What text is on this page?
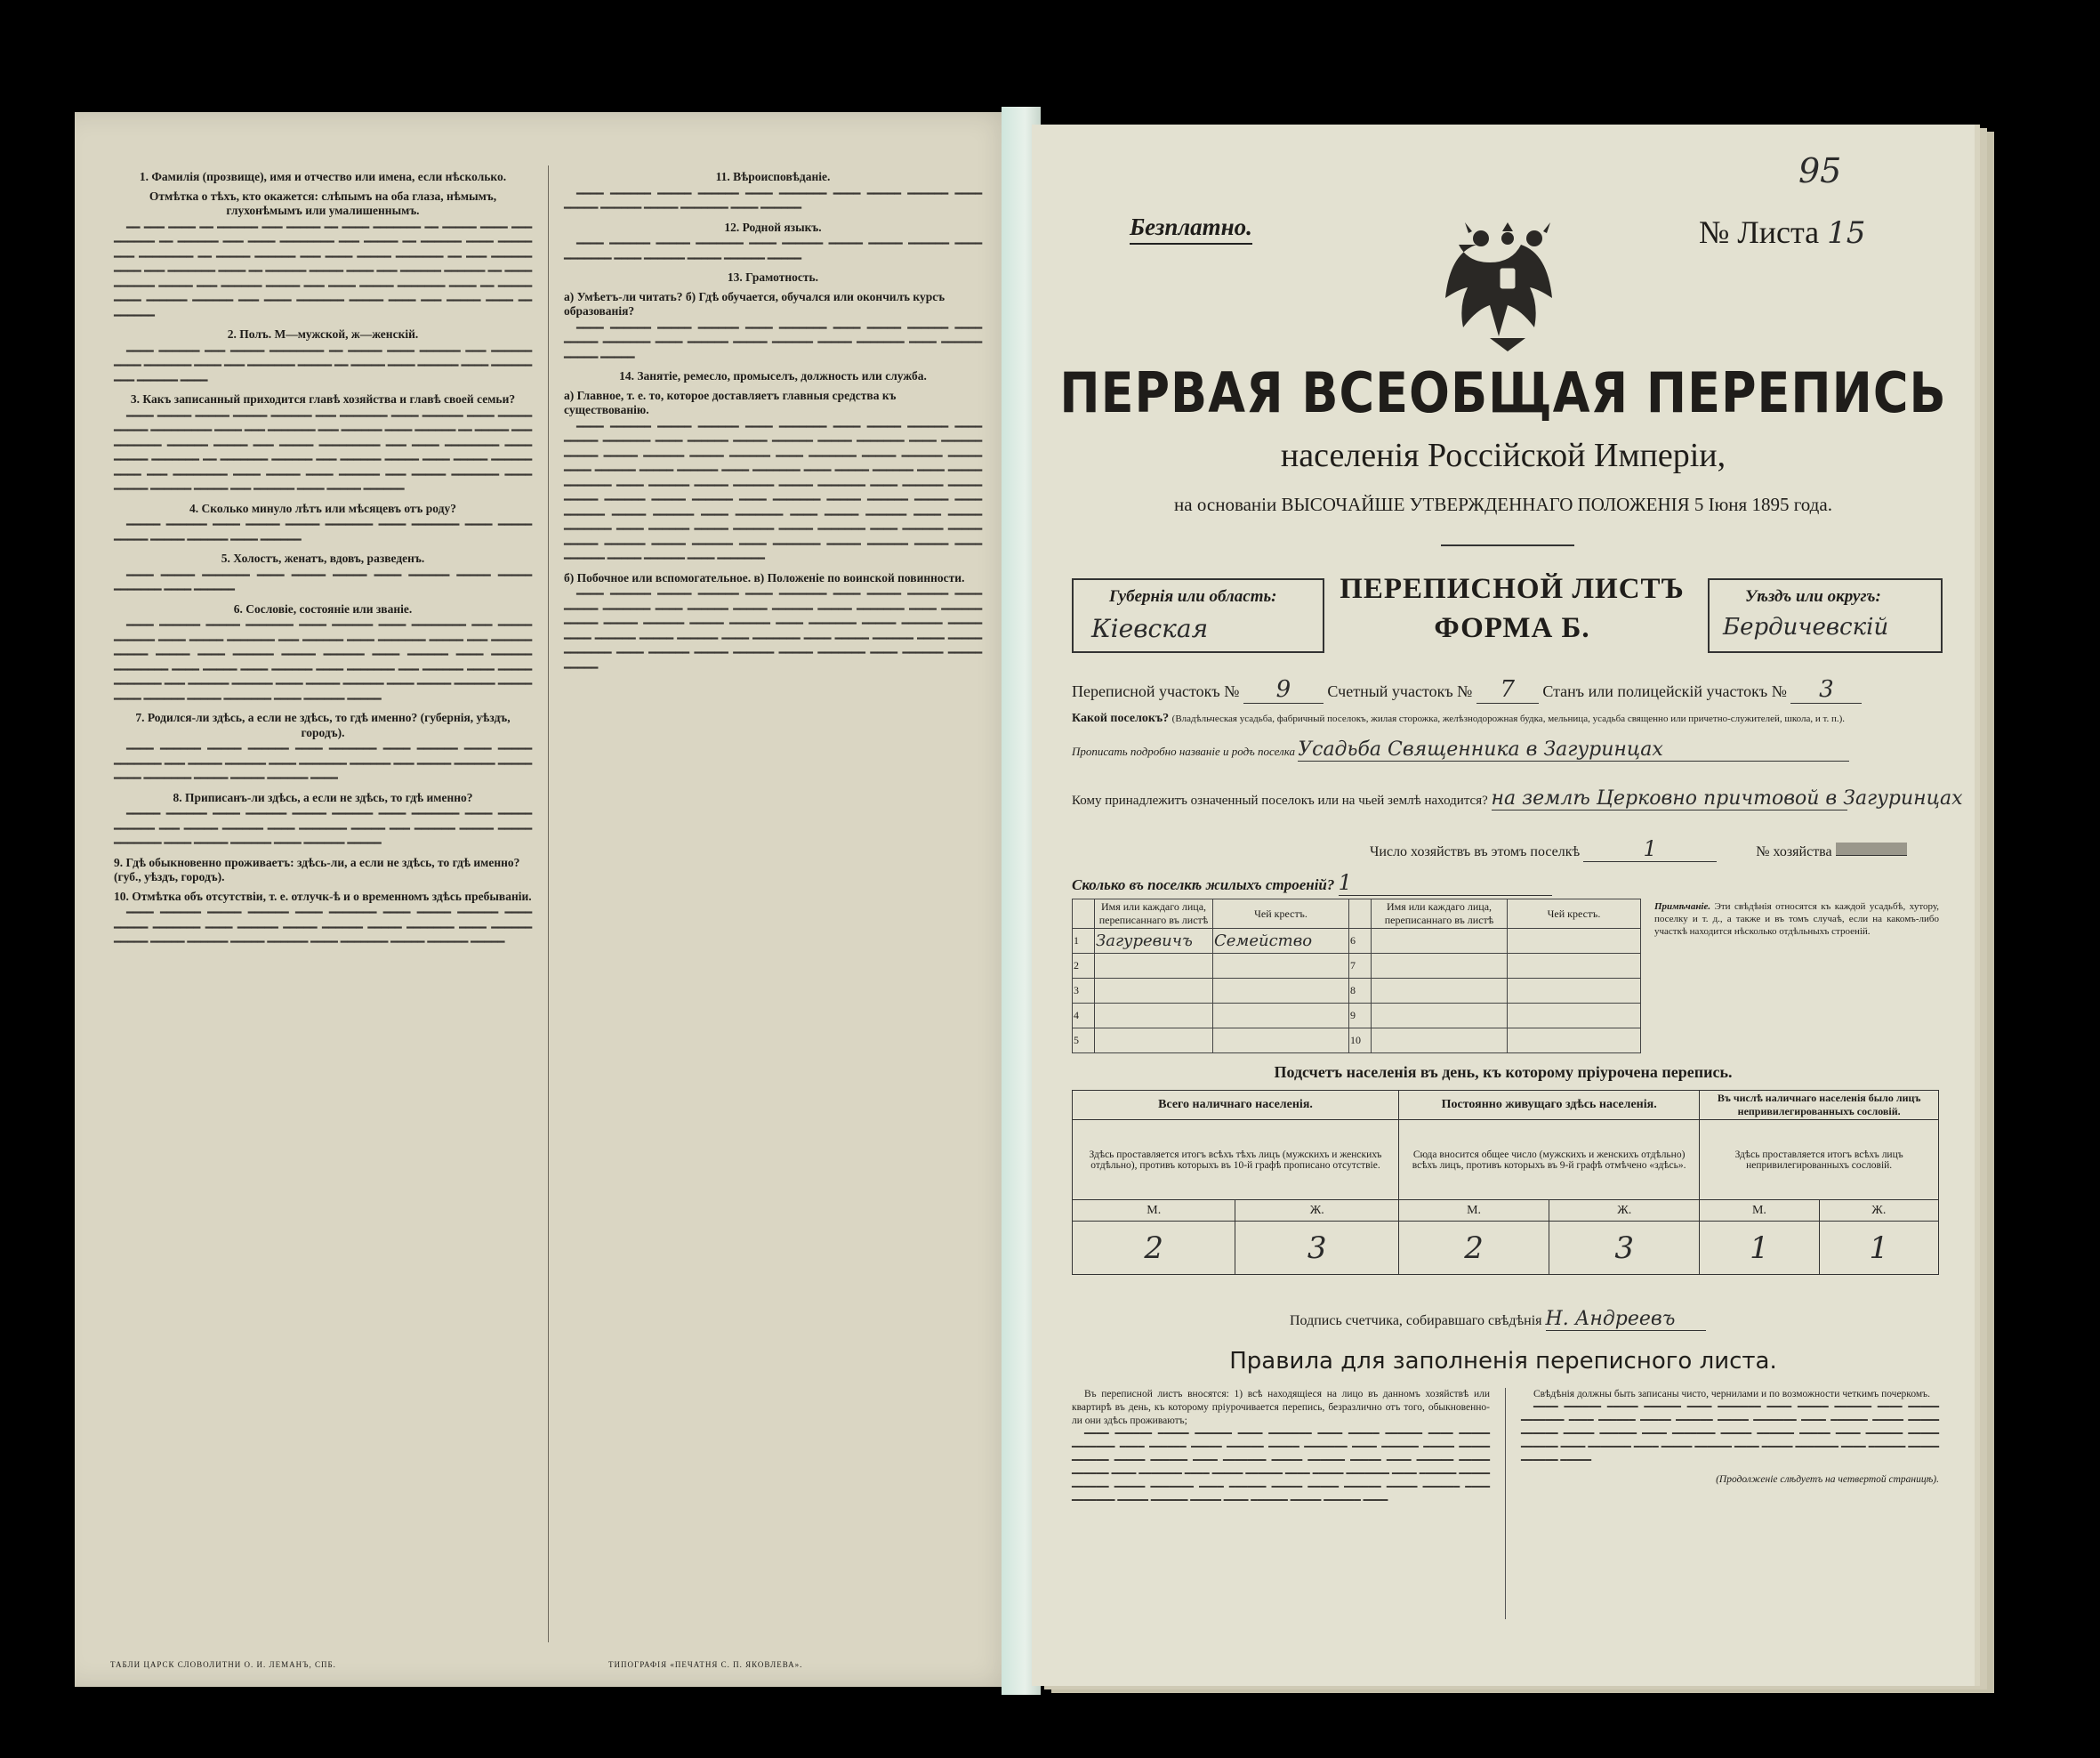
1. Фамилія (прозвище), имя и отчество или имена, если нѣсколько.
Отмѣтка о тѣхъ, кто окажется: слѣпымъ на оба глаза, нѣмымъ, глухонѣмымъ или умалишеннымъ.

━━ ━━━ ━━━━ ━━ ━━━━━━ ━━━ ━━━━━ ━━ ━━━━ ━━━━━━━ ━━ ━━━━━ ━━━━ ━━━ ━━━━━━ ━━ ━━━━━━ ━━━ ━━━━ ━━━━━━━━ ━━━ ━━━━━ ━━ ━━━━━━ ━━━━ ━━━━━ ━━━ ━━━━━━━━ ━━ ━━━━━ ━━━━━━ ━━━ ━━━━ ━━━━━ ━━━━━━━ ━━ ━━━ ━━━━━━ ━━━━ ━━━ ━━━━━━━ ━━━━ ━━ ━━━━━━ ━━━━━ ━━━━ ━━━ ━━━━━━ ━━━━━━ ━━ ━━━━ ━━━━━━ ━━━━━ ━━━ ━━━━━━ ━━━━━ ━━━ ━━━━ ━━━━━ ━━━━━━━ ━━━━ ━━ ━━━━━ ━━━━ ━━━━━━ ━━━━━━ ━━━ ━━━━ ━━━━━━━ ━━━━━ ━━━━ ━━━ ━━━━━ ━━━━ ━━ ━━━━━━

2. Полъ. М—мужской, ж—женскій.

━━━━ ━━━━━━ ━━━ ━━━━━ ━━━━━━━━ ━━ ━━━━━ ━━━━ ━━━━━━ ━━━ ━━━━━━ ━━━━ ━━━━━━━ ━━━━ ━━━ ━━━━━━━ ━━━━━ ━━ ━━━━━ ━━━━ ━━━━━━ ━━━━ ━━━━━━ ━━━ ━━━━━━ ━━━━

3. Какъ записанный приходится главѣ хозяйства и главѣ своей семьи?

━━━━ ━━━━━ ━━━━━ ━━━━━ ━━━━━━ ━━━ ━━━━━━━ ━━━━ ━━━━━━ ━━━━ ━━━━━ ━━━━━ ━━━━━━━━━ ━━━━ ━━━ ━━━━━━━ ━━━ ━━━━━━ ━━━━ ━━━━━━ ━━ ━━━━━ ━━━ ━━━━━━━ ━━━━━━ ━━━━━ ━━━ ━━━━━ ━━━━━━━━━ ━━━ ━━━━ ━━━━━━━━ ━━━━ ━━━━━ ━━━━━━━ ━━ ━━━━━━━ ━━━━━━ ━━━ ━━━━━━ ━━━━━ ━━━━ ━━━━━ ━━━━━━ ━━━━ ━━━ ━━━━━━━━ ━━━━ ━━━━━ ━━━━ ━━━━━━ ━━━ ━━━━━ ━━━━━━━ ━━━━ ━━━━━ ━━━━━━ ━━━━━ ━━━ ━━━━━━ ━━━━ ━━━━━ ━━━━━━

4. Сколько минуло лѣтъ или мѣсяцевъ отъ роду?

━━━━━ ━━━━━━ ━━━━ ━━━━━ ━━━━━ ━━━━━━━ ━━━━ ━━━━━━━ ━━━━ ━━━━━ ━━━━━ ━━━━━ ━━━━━━ ━━━━ ━━━━━━

5. Холостъ, женатъ, вдовъ, разведенъ.

━━━━ ━━━━━ ━━━━━━━ ━━━━ ━━━━━ ━━━━━ ━━━━ ━━━━━━ ━━━━━ ━━━━━ ━━━━━━━ ━━━━ ━━━━━━

6. Сословіе, состояніе или званіе.

━━━━ ━━━━━━ ━━━━━ ━━━━━━━ ━━━━ ━━━━━━ ━━━━ ━━━━━━━━ ━━━ ━━━━━ ━━━━━━ ━━━━ ━━━━━ ━━━━━━━ ━━━ ━━━━━━ ━━━━ ━━━━━━━ ━━━━━ ━━━ ━━━━━━ ━━━━━ ━━━━━ ━━━━ ━━━━━━ ━━━━━ ━━━━━━ ━━━━ ━━━━━━ ━━━━ ━━━━━━ ━━━━━━━━ ━━━━ ━━━━━ ━━━━ ━━━━━━ ━━━━ ━━━━━━━ ━━━ ━━━━━━ ━━━━ ━━━━━ ━━━━━━━ ━━━ ━━━━━━ ━━━━━━ ━━━━ ━━━━━ ━━━━━━ ━━━━ ━━━━━ ━━━━━━ ━━━━━ ━━━━ ━━━━━━ ━━━━━ ━━━━━━━ ━━━━ ━━━━━━ ━━━━━

7. Родился-ли здѣсь, а если не здѣсь, то гдѣ именно? (губернія, уѣздъ, городъ).

━━━━ ━━━━━━ ━━━━━ ━━━━━━ ━━━━ ━━━━━━━ ━━━━ ━━━━━━ ━━━━ ━━━━━ ━━━━━━━ ━━━ ━━━━━ ━━━━━━ ━━━━ ━━━━━━━ ━━━━━━ ━━━ ━━━━━ ━━━━━━ ━━━━━ ━━━━ ━━━━━━━ ━━━━━ ━━━━━ ━━━━━━ ━━━━

8. Приписанъ-ли здѣсь, а если не здѣсь, то гдѣ именно?

━━━━━ ━━━━━━ ━━━━ ━━━━━━ ━━━━━ ━━━━━━ ━━━━ ━━━━━━━ ━━━━ ━━━━━ ━━━━━━ ━━━ ━━━━━ ━━━━━━ ━━━━ ━━━━━━━ ━━━━━ ━━━ ━━━━━━ ━━━━━ ━━━━━ ━━━━━━━ ━━━━ ━━━━━ ━━━━━━ ━━━━ ━━━━━━ ━━━━━

9. Гдѣ обыкновенно проживаетъ: здѣсь-ли, а если не здѣсь, то гдѣ именно? (губ., уѣздъ, городъ).
10. Отмѣтка объ отсутствіи, т. е. отлучк-ѣ и о временномъ здѣсь пребываніи.

━━━━ ━━━━━━ ━━━━━ ━━━━━━ ━━━━ ━━━━━━━ ━━━━ ━━━━━ ━━━━━━ ━━━━ ━━━━━ ━━━━━━━ ━━━━ ━━━━━━ ━━━━━ ━━━━━━ ━━━━━ ━━━━━━━ ━━━━ ━━━━━━ ━━━━━ ━━━━━ ━━━━━━ ━━━━━ ━━━━━━ ━━━━ ━━━━━━━ ━━━━━ ━━━━━━ ━━━━━

11. Вѣроисповѣданіе.

━━━━ ━━━━━━ ━━━━━ ━━━━━━ ━━━━ ━━━━━━━ ━━━━ ━━━━━ ━━━━━━ ━━━━ ━━━━━ ━━━━━━ ━━━━━ ━━━━━━━ ━━━━ ━━━━━━

12. Родной языкъ.

━━━━ ━━━━━━ ━━━━━ ━━━━━━━ ━━━━ ━━━━━━ ━━━━━ ━━━━━ ━━━━━━ ━━━━ ━━━━━━━ ━━━━ ━━━━━━ ━━━━━ ━━━━━━ ━━━━━

13. Грамотность.
а) Умѣетъ-ли читать? б) Гдѣ обучается, обучался или окончилъ курсъ образованія?

━━━━ ━━━━━━ ━━━━━ ━━━━━━ ━━━━ ━━━━━━━ ━━━━ ━━━━━ ━━━━━━ ━━━━ ━━━━━ ━━━━━━━ ━━━━ ━━━━━━ ━━━━━ ━━━━━━ ━━━━━ ━━━━━━━ ━━━━ ━━━━━━ ━━━━━ ━━━━━

14. Занятіе, ремесло, промыселъ, должность или служба.
а) Главное, т. е. то, которое доставляетъ главныя средства къ существованію.

━━━━ ━━━━━━ ━━━━━ ━━━━━━ ━━━━ ━━━━━━━ ━━━━ ━━━━━ ━━━━━━ ━━━━ ━━━━━ ━━━━━━━ ━━━━ ━━━━━━ ━━━━━ ━━━━━━ ━━━━━ ━━━━━━━ ━━━━ ━━━━━━ ━━━━━ ━━━━━ ━━━━━━ ━━━━━ ━━━━━━ ━━━━ ━━━━━━━ ━━━━━ ━━━━━━ ━━━━━ ━━━━ ━━━━━━ ━━━━━ ━━━━━━ ━━━━ ━━━━━━━ ━━━━ ━━━━━ ━━━━━━ ━━━━ ━━━━━ ━━━━━━━ ━━━━ ━━━━━━ ━━━━━ ━━━━━━ ━━━━━ ━━━━━━━ ━━━━ ━━━━━━ ━━━━━ ━━━━━ ━━━━━━ ━━━━━ ━━━━━━ ━━━━ ━━━━━━━ ━━━━━ ━━━━━━ ━━━━━ ━━━━ ━━━━━━ ━━━━━ ━━━━━━ ━━━━ ━━━━━━━ ━━━━ ━━━━━ ━━━━━━ ━━━━ ━━━━━ ━━━━━━━ ━━━━ ━━━━━━ ━━━━━ ━━━━━━ ━━━━━ ━━━━━━━ ━━━━ ━━━━━━ ━━━━━ ━━━━━ ━━━━━━ ━━━━━ ━━━━━━ ━━━━ ━━━━━━━ ━━━━━ ━━━━━━ ━━━━━ ━━━━ ━━━━━━ ━━━━━ ━━━━━━ ━━━━ ━━━━━━━

б) Побочное или вспомогательное. в) Положеніе по воинской повинности.

━━━━ ━━━━━━ ━━━━━ ━━━━━━ ━━━━ ━━━━━━━ ━━━━ ━━━━━ ━━━━━━ ━━━━ ━━━━━ ━━━━━━━ ━━━━ ━━━━━━ ━━━━━ ━━━━━━ ━━━━━ ━━━━━━━ ━━━━ ━━━━━━ ━━━━━ ━━━━━ ━━━━━━ ━━━━━ ━━━━━━ ━━━━ ━━━━━━━ ━━━━━ ━━━━━━ ━━━━━ ━━━━ ━━━━━━ ━━━━━ ━━━━━━ ━━━━ ━━━━━━━ ━━━━ ━━━━━ ━━━━━━ ━━━━ ━━━━━ ━━━━━━━ ━━━━ ━━━━━━ ━━━━━ ━━━━━━ ━━━━━ ━━━━━━━ ━━━━ ━━━━━━ ━━━━━ ━━━━━

ТАБЛИ ЦАРСК СЛОВОЛИТНИ О. И. ЛЕМАНЪ, СПБ.	ТИПОГРАФІЯ «ПЕЧАТНЯ С. П. ЯКОВЛЕВА».
95
Безплатно.	№ Листа 15
ПЕРВАЯ ВСЕОБЩАЯ ПЕРЕПИСЬ
населенія Россійской Имперіи,
на основаніи ВЫСОЧАЙШЕ УТВЕРЖДЕННАГО ПОЛОЖЕНІЯ 5 Іюня 1895 года.
Губернія или область:
Кіевская
ПЕРЕПИСНОЙ ЛИСТЪ
ФОРМА Б.
Уѣздъ или округъ:
Бердичевскій
Переписной участокъ № 9 Счетный участокъ № 7 Станъ или полицейскій участокъ № 3
Какой поселокъ? (Владѣльческая усадьба, фабричный поселокъ, жилая сторожка, желѣзнодорожная будка, мельница, усадьба священно или причетно-служителей, школа, и т. п.).
Прописать подробно названіе и родъ поселка Усадьба Священника в Загуринцах
Кому принадлежитъ означенный поселокъ или на чьей землѣ находится? на землѣ Церковно причтовой в Загуринцах
Число хозяйствъ въ этомъ поселкѣ	1	№ хозяйства
Сколько въ поселкѣ жилыхъ строеній? 1
	Имя или каждаго лица, переписаннаго въ листѣ	Чей крестъ.		Имя или каждаго лица, переписаннаго въ листѣ	Чей крестъ.
1	Загуревичъ	Семейство	6		
2			7		
3			8		
4			9		
5			10		
Примѣчаніе. Эти свѣдѣнія относятся къ каждой усадьбѣ, хутору, поселку и т. д., а также и въ томъ случаѣ, если на какомъ-либо участкѣ находится нѣсколько отдѣльныхъ строеній.
Подсчетъ населенія въ день, къ которому пріурочена перепись.
Всего наличнаго населенія.		Постоянно живущаго здѣсь населенія.		Въ числѣ наличнаго населенія было лицъ непривилегированныхъ сословій.	
Здѣсь проставляется итогъ всѣхъ тѣхъ лицъ (мужскихъ и женскихъ отдѣльно), противъ которыхъ въ 10-й графѣ прописано отсутствіе.		Сюда вносится общее число (мужскихъ и женскихъ отдѣльно) всѣхъ лицъ, противъ которыхъ въ 9-й графѣ отмѣчено «здѣсь».		Здѣсь проставляется итогъ всѣхъ лицъ непривилегированныхъ сословій.	
М.	Ж.	М.	Ж.	М.	Ж.
2	3	2	3	1	1
Подпись счетчика, собиравшаго свѣдѣнія Н. Андреевъ
Правила для заполненія переписного листа.

Въ переписной листъ вносятся: 1) всѣ находящіеся на лицо въ данномъ хозяйствѣ или квартирѣ въ день, къ которому пріурочивается перепись, безразлично отъ того, обыкновенно-ли они здѣсь проживаютъ;

━━━━ ━━━━━━ ━━━━━ ━━━━━━ ━━━━ ━━━━━━━ ━━━━ ━━━━━ ━━━━━━ ━━━━ ━━━━━ ━━━━━━━ ━━━━ ━━━━━━ ━━━━━ ━━━━━━ ━━━━━ ━━━━━━━ ━━━━ ━━━━━━ ━━━━━ ━━━━━ ━━━━━━ ━━━━━ ━━━━━━ ━━━━ ━━━━━━━ ━━━━━ ━━━━━━ ━━━━━ ━━━━ ━━━━━━ ━━━━━ ━━━━━━ ━━━━ ━━━━━━━ ━━━━ ━━━━━ ━━━━━━ ━━━━ ━━━━━ ━━━━━━━ ━━━━ ━━━━━━ ━━━━━ ━━━━━━ ━━━━━ ━━━━━━━ ━━━━ ━━━━━━ ━━━━━ ━━━━━ ━━━━━━ ━━━━━ ━━━━━━ ━━━━ ━━━━━━━ ━━━━━ ━━━━━━ ━━━━━ ━━━━ ━━━━━━ ━━━━━ ━━━━━━ ━━━━

Свѣдѣнія должны быть записаны чисто, чернилами и по возможности четкимъ почеркомъ.

━━━━ ━━━━━━ ━━━━━ ━━━━━━ ━━━━ ━━━━━━━ ━━━━ ━━━━━ ━━━━━━ ━━━━ ━━━━━ ━━━━━━━ ━━━━ ━━━━━━ ━━━━━ ━━━━━━ ━━━━━ ━━━━━━━ ━━━━ ━━━━━━ ━━━━━ ━━━━━ ━━━━━━ ━━━━━ ━━━━━━ ━━━━ ━━━━━━━ ━━━━━ ━━━━━━ ━━━━━ ━━━━ ━━━━━━ ━━━━━ ━━━━━━ ━━━━ ━━━━━━━ ━━━━ ━━━━━ ━━━━━━ ━━━━ ━━━━━ ━━━━━━━ ━━━━ ━━━━━━ ━━━━━ ━━━━━━ ━━━━━

(Продолженіе слѣдуетъ на четвертой страницѣ).
